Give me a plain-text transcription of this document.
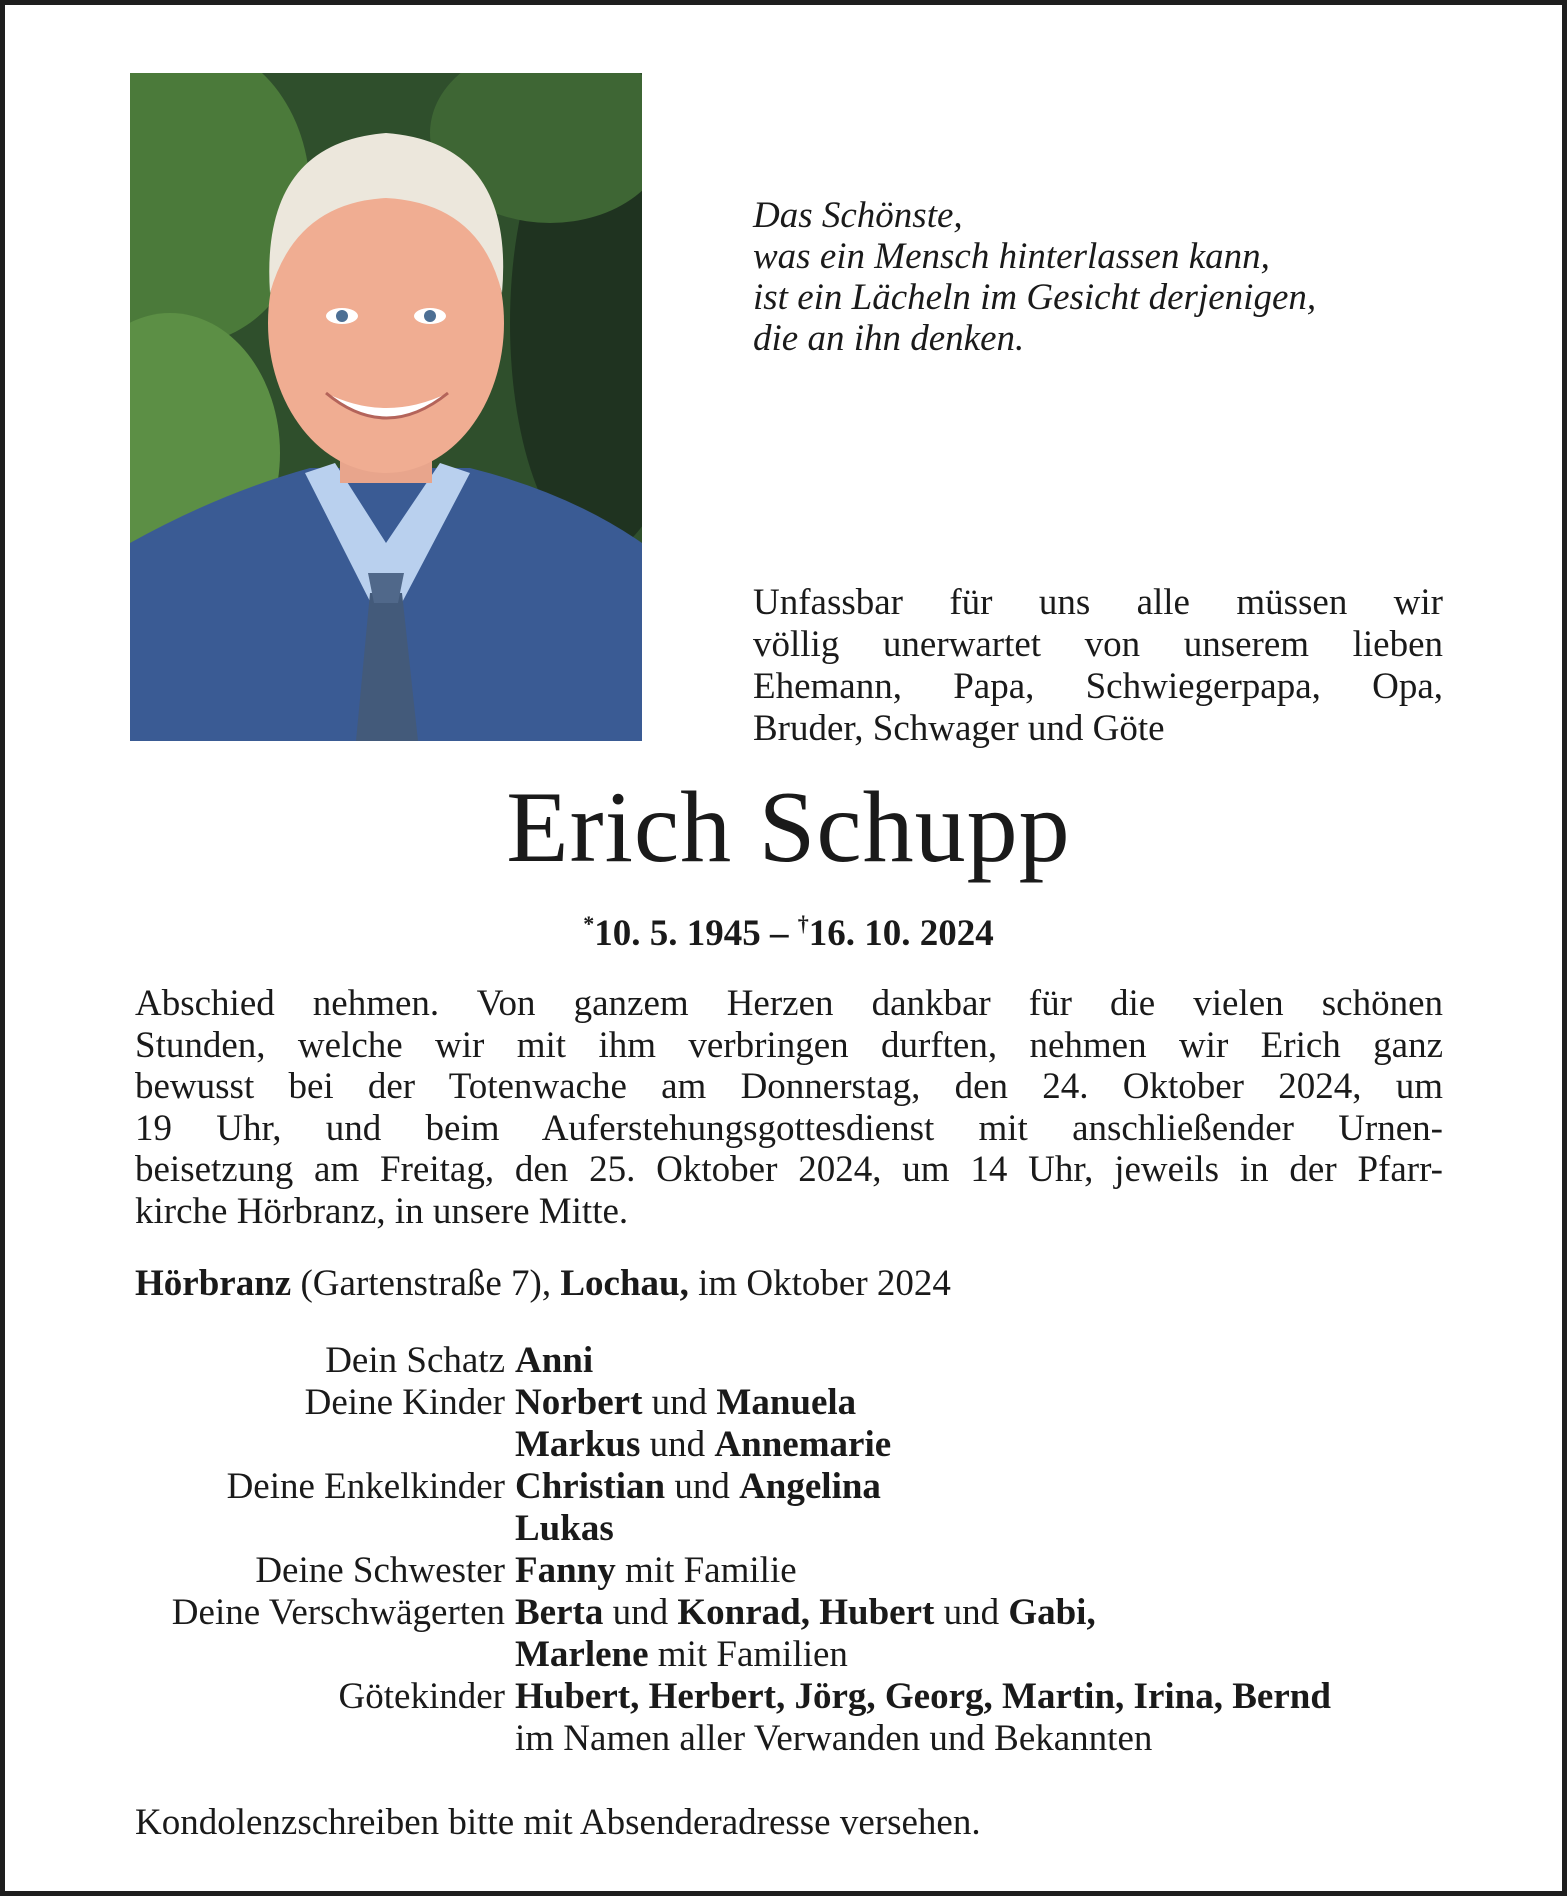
Das Schönste,
was ein Mensch hinterlassen kann,
ist ein Lächeln im Gesicht derjenigen,
die an ihn denken.
Unfassbar für uns alle müssen wir
völlig unerwartet von unserem lieben
Ehemann, Papa, Schwiegerpapa, Opa,
Bruder, Schwager und Göte
Erich Schupp
*10. 5. 1945 – †16. 10. 2024
Abschied nehmen. Von ganzem Herzen dankbar für die vielen schönen
Stunden, welche wir mit ihm verbringen durften, nehmen wir Erich ganz
bewusst bei der Totenwache am Donnerstag, den 24. Oktober 2024, um
19 Uhr, und beim Auferstehungsgottesdienst mit anschließender Urnen-
beisetzung am Freitag, den 25. Oktober 2024, um 14 Uhr, jeweils in der Pfarr-
kirche Hörbranz, in unsere Mitte.
Hörbranz (Gartenstraße 7), Lochau, im Oktober 2024
Dein Schatz Anni
Deine Kinder Norbert und Manuela
Markus und Annemarie
Deine Enkelkinder Christian und Angelina
Lukas
Deine Schwester Fanny mit Familie
Deine Verschwägerten Berta und Konrad, Hubert und Gabi,
Marlene mit Familien
Götekinder Hubert, Herbert, Jörg, Georg, Martin, Irina, Bernd
im Namen aller Verwanden und Bekannten
Kondolenzschreiben bitte mit Absenderadresse versehen.
